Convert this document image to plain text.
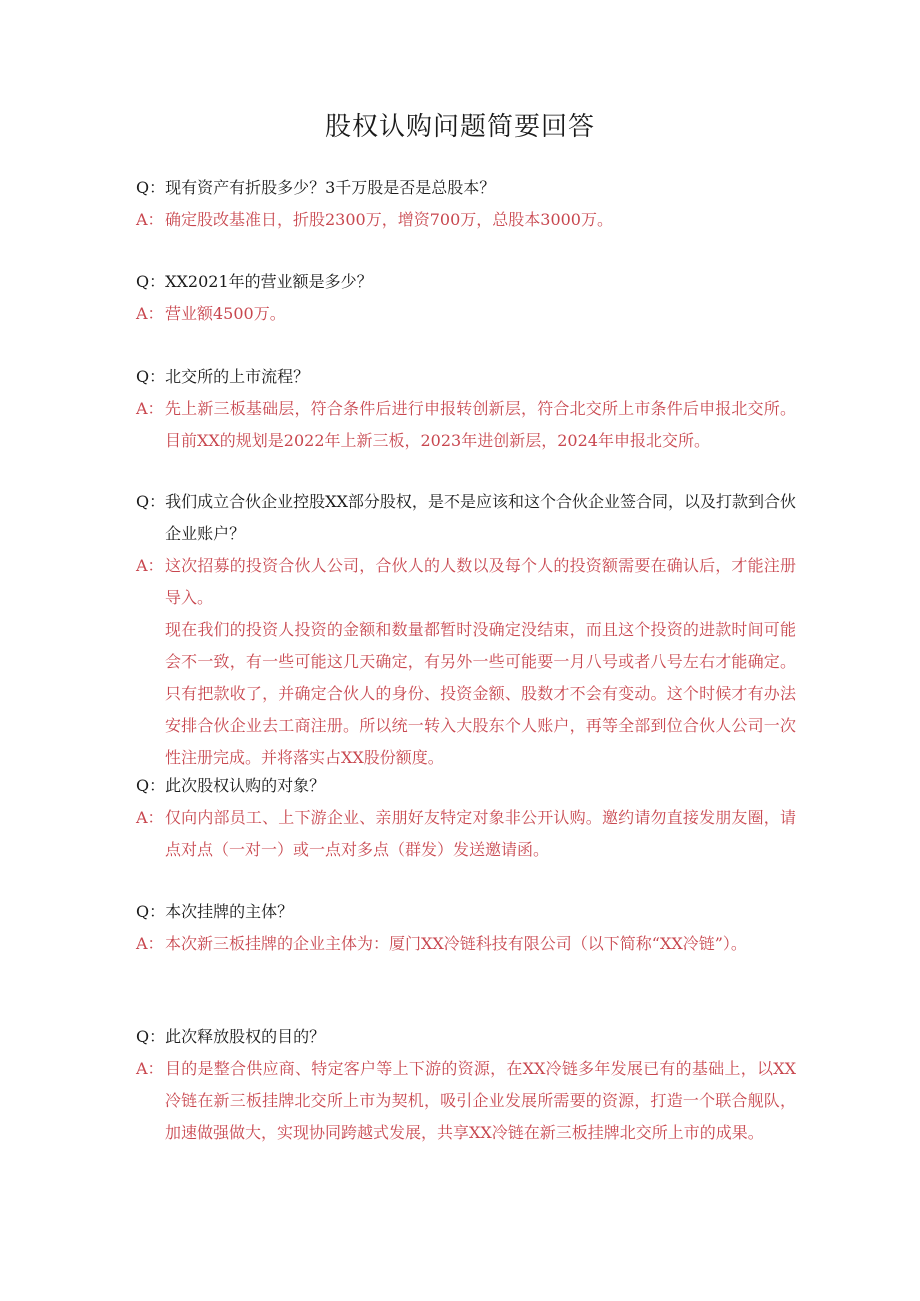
股权认购问题简要回答
Q： 现有资产有折股多少？3千万股是否是总股本？
A： 确定股改基准日，折股2300万，增资700万，总股本3000万。
Q： XX2021年的营业额是多少？
A： 营业额4500万。
Q： 北交所的上市流程？
A： 先上新三板基础层，符合条件后进行申报转创新层，符合北交所上市条件后申报北交所。目前XX的规划是2022年上新三板，2023年进创新层，2024年申报北交所。
Q： 我们成立合伙企业控股XX部分股权，是不是应该和这个合伙企业签合同，以及打款到合伙企业账户？
A： 这次招募的投资合伙人公司，合伙人的人数以及每个人的投资额需要在确认后，才能注册导入。
现在我们的投资人投资的金额和数量都暂时没确定没结束，而且这个投资的进款时间可能会不一致，有一些可能这几天确定，有另外一些可能要一月八号或者八号左右才能确定。只有把款收了，并确定合伙人的身份、投资金额、股数才不会有变动。这个时候才有办法安排合伙企业去工商注册。所以统一转入大股东个人账户，再等全部到位合伙人公司一次性注册完成。并将落实占XX股份额度。
Q： 此次股权认购的对象？
A： 仅向内部员工、上下游企业、亲朋好友特定对象非公开认购。邀约请勿直接发朋友圈，请点对点（一对一）或一点对多点（群发）发送邀请函。
Q： 本次挂牌的主体？
A： 本次新三板挂牌的企业主体为：厦门XX冷链科技有限公司（以下简称“XX冷链”）。
Q： 此次释放股权的目的？
A： 目的是整合供应商、特定客户等上下游的资源，在XX冷链多年发展已有的基础上，以XX冷链在新三板挂牌北交所上市为契机，吸引企业发展所需要的资源，打造一个联合舰队，加速做强做大，实现协同跨越式发展，共享XX冷链在新三板挂牌北交所上市的成果。
